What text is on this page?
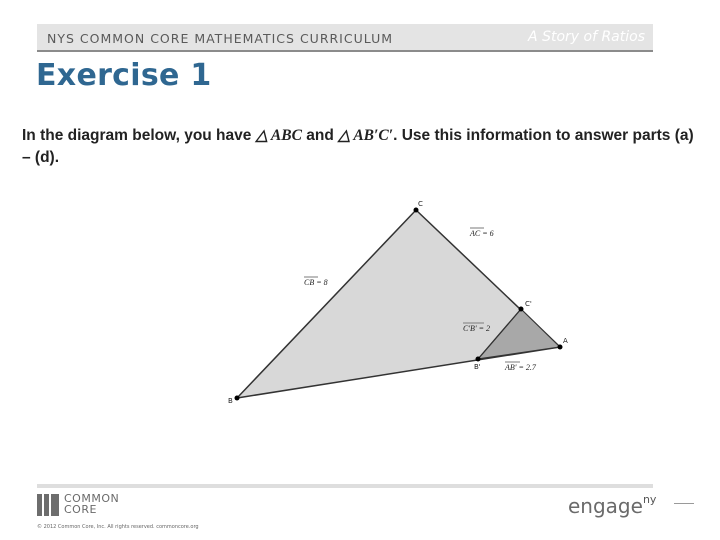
NYS COMMON CORE MATHEMATICS CURRICULUM	A Story of Ratios
Exercise 1
In the diagram below, you have △ ABC and △ AB′C′. Use this information to answer parts (a) – (d).
C
A
B
C'
B'
AC = 6
CB = 8
C'B' = 2
AB' = 2.7
COMMON
CORE
© 2012 Common Core, Inc. All rights reserved. commoncore.org
engage$^{ny}$
